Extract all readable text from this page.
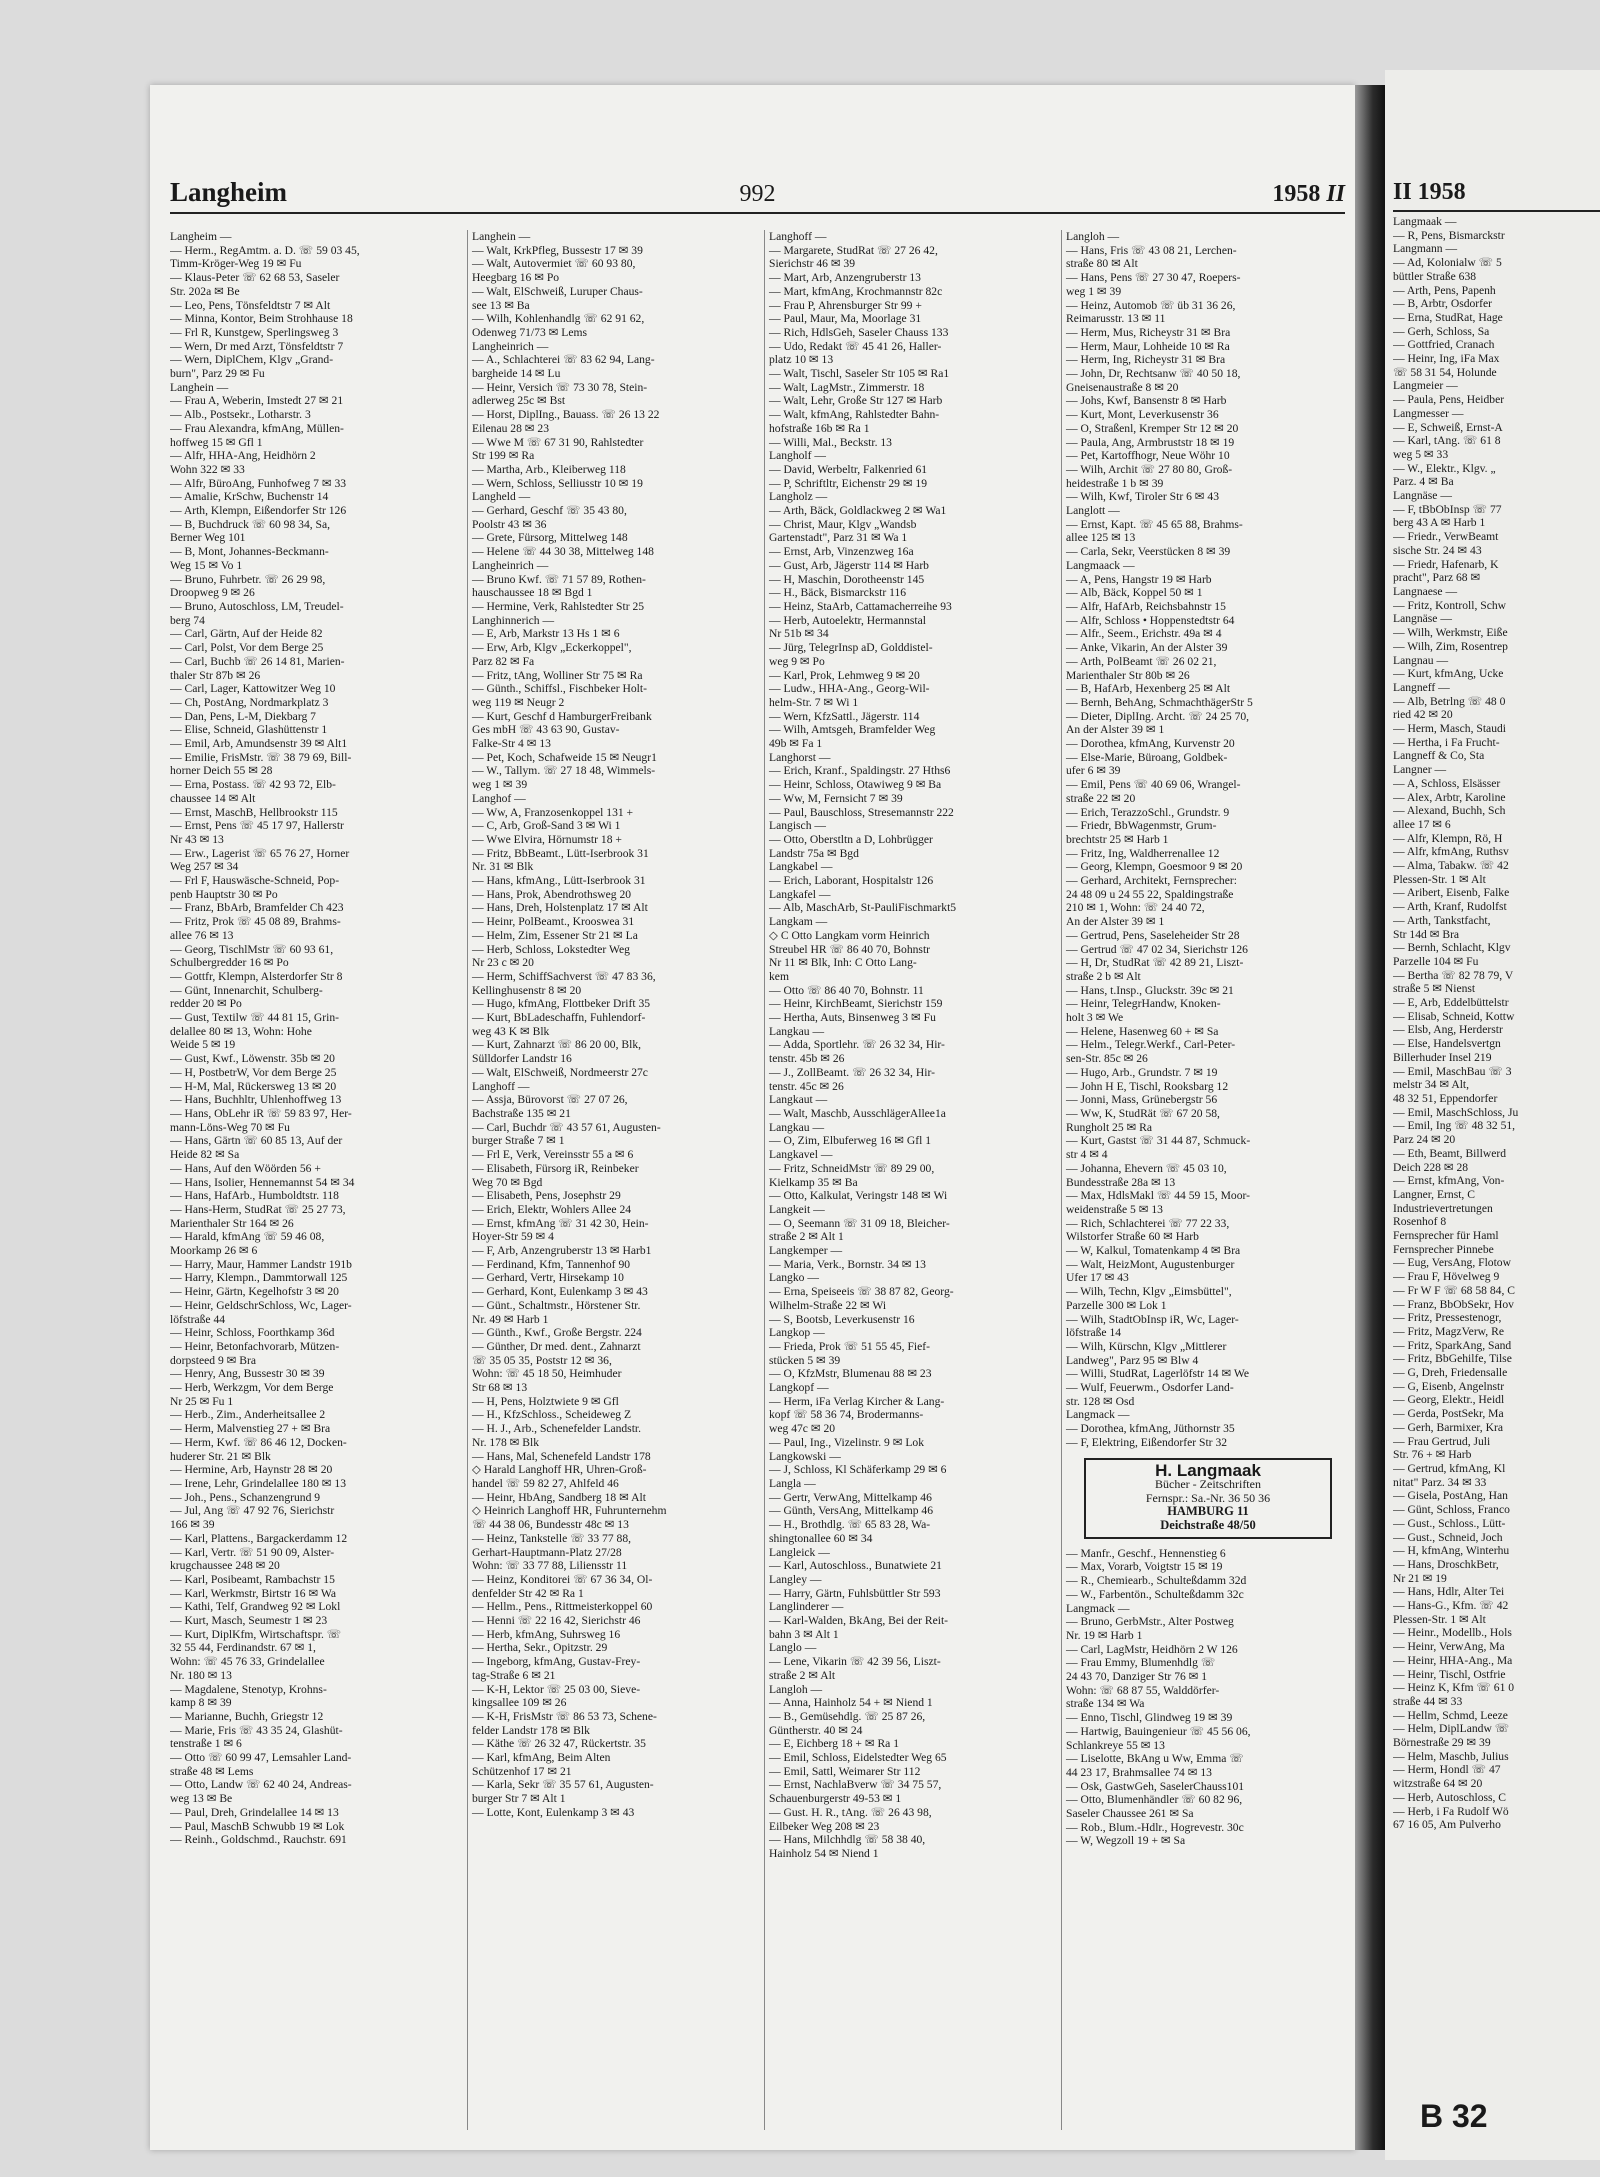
Langheim	992	1958 II
Langheim —
— Herm., RegAmtm. a. D. ☏ 59 03 45,
Timm-Kröger-Weg 19 ✉ Fu
— Klaus-Peter ☏ 62 68 53, Saseler
Str. 202a ✉ Be
— Leo, Pens, Tönsfeldtstr 7 ✉ Alt
— Minna, Kontor, Beim Strohhause 18
— Frl R, Kunstgew, Sperlingsweg 3
— Wern, Dr med Arzt, Tönsfeldtstr 7
— Wern, DiplChem, Klgv „Grand-
burn", Parz 29 ✉ Fu
Langhein —
— Frau A, Weberin, Imstedt 27 ✉ 21
— Alb., Postsekr., Lotharstr. 3
— Frau Alexandra, kfmAng, Müllen-
hoffweg 15 ✉ Gfl 1
— Alfr, HHA-Ang, Heidhörn 2
Wohn 322 ✉ 33
— Alfr, BüroAng, Funhofweg 7 ✉ 33
— Amalie, KrSchw, Buchenstr 14
— Arth, Klempn, Eißendorfer Str 126
— B, Buchdruck ☏ 60 98 34, Sa,
Berner Weg 101
— B, Mont, Johannes-Beckmann-
Weg 15 ✉ Vo 1
— Bruno, Fuhrbetr. ☏ 26 29 98,
Droopweg 9 ✉ 26
— Bruno, Autoschloss, LM, Treudel-
berg 74
— Carl, Gärtn, Auf der Heide 82
— Carl, Polst, Vor dem Berge 25
— Carl, Buchb ☏ 26 14 81, Marien-
thaler Str 87b ✉ 26
— Carl, Lager, Kattowitzer Weg 10
— Ch, PostAng, Nordmarkplatz 3
— Dan, Pens, L-M, Diekbarg 7
— Elise, Schneid, Glashüttenstr 1
— Emil, Arb, Amundsenstr 39 ✉ Alt1
— Emilie, FrisMstr. ☏ 38 79 69, Bill-
horner Deich 55 ✉ 28
— Erna, Postass. ☏ 42 93 72, Elb-
chaussee 14 ✉ Alt
— Ernst, MaschB, Hellbrookstr 115
— Ernst, Pens ☏ 45 17 97, Hallerstr
Nr 43 ✉ 13
— Erw., Lagerist ☏ 65 76 27, Horner
Weg 257 ✉ 34
— Frl F, Hauswäsche-Schneid, Pop-
penb Hauptstr 30 ✉ Po
— Franz, BbArb, Bramfelder Ch 423
— Fritz, Prok ☏ 45 08 89, Brahms-
allee 76 ✉ 13
— Georg, TischlMstr ☏ 60 93 61,
Schulbergredder 16 ✉ Po
— Gottfr, Klempn, Alsterdorfer Str 8
— Günt, Innenarchit, Schulberg-
redder 20 ✉ Po
— Gust, Textilw ☏ 44 81 15, Grin-
delallee 80 ✉ 13, Wohn: Hohe
Weide 5 ✉ 19
— Gust, Kwf., Löwenstr. 35b ✉ 20
— H, PostbetrW, Vor dem Berge 25
— H-M, Mal, Rückersweg 13 ✉ 20
— Hans, Buchhltr, Uhlenhoffweg 13
— Hans, ObLehr iR ☏ 59 83 97, Her-
mann-Löns-Weg 70 ✉ Fu
— Hans, Gärtn ☏ 60 85 13, Auf der
Heide 82 ✉ Sa
— Hans, Auf den Wöörden 56 +
— Hans, Isolier, Hennemannst 54 ✉ 34
— Hans, HafArb., Humboldtstr. 118
— Hans-Herm, StudRat ☏ 25 27 73,
Marienthaler Str 164 ✉ 26
— Harald, kfmAng ☏ 59 46 08,
Moorkamp 26 ✉ 6
— Harry, Maur, Hammer Landstr 191b
— Harry, Klempn., Dammtorwall 125
— Heinr, Gärtn, Kegelhofstr 3 ✉ 20
— Heinr, GeldschrSchloss, Wc, Lager-
löfstraße 44
— Heinr, Schloss, Foorthkamp 36d
— Heinr, Betonfachvorarb, Mützen-
dorpsteed 9 ✉ Bra
— Henry, Ang, Bussestr 30 ✉ 39
— Herb, Werkzgm, Vor dem Berge
Nr 25 ✉ Fu 1
— Herb., Zim., Anderheitsallee 2
— Herm, Malvenstieg 27 + ✉ Bra
— Herm, Kwf. ☏ 86 46 12, Docken-
huderer Str. 21 ✉ Blk
— Hermine, Arb, Haynstr 28 ✉ 20
— Irene, Lehr, Grindelallee 180 ✉ 13
— Joh., Pens., Schanzengrund 9
— Jul, Ang ☏ 47 92 76, Sierichstr
166 ✉ 39
— Karl, Plattens., Bargackerdamm 12
— Karl, Vertr. ☏ 51 90 09, Alster-
krugchaussee 248 ✉ 20
— Karl, Posibeamt, Rambachstr 15
— Karl, Werkmstr, Birtstr 16 ✉ Wa
— Kathi, Telf, Grandweg 92 ✉ Lokl
— Kurt, Masch, Seumestr 1 ✉ 23
— Kurt, DiplKfm, Wirtschaftspr. ☏
32 55 44, Ferdinandstr. 67 ✉ 1,
Wohn: ☏ 45 76 33, Grindelallee
Nr. 180 ✉ 13
— Magdalene, Stenotyp, Krohns-
kamp 8 ✉ 39
— Marianne, Buchh, Griegstr 12
— Marie, Fris ☏ 43 35 24, Glashüt-
tenstraße 1 ✉ 6
— Otto ☏ 60 99 47, Lemsahler Land-
straße 48 ✉ Lems
— Otto, Landw ☏ 62 40 24, Andreas-
weg 13 ✉ Be
— Paul, Dreh, Grindelallee 14 ✉ 13
— Paul, MaschB Schwubb 19 ✉ Lok
— Reinh., Goldschmd., Rauchstr. 691
Langhein —
— Walt, KrkPfleg, Bussestr 17 ✉ 39
— Walt, Autovermiet ☏ 60 93 80,
Heegbarg 16 ✉ Po
— Walt, ElSchweiß, Luruper Chaus-
see 13 ✉ Ba
— Wilh, Kohlenhandlg ☏ 62 91 62,
Odenweg 71/73 ✉ Lems
Langheinrich —
— A., Schlachterei ☏ 83 62 94, Lang-
bargheide 14 ✉ Lu
— Heinr, Versich ☏ 73 30 78, Stein-
adlerweg 25c ✉ Bst
— Horst, DiplIng., Bauass. ☏ 26 13 22
Eilenau 28 ✉ 23
— Wwe M ☏ 67 31 90, Rahlstedter
Str 199 ✉ Ra
— Martha, Arb., Kleiberweg 118
— Wern, Schloss, Selliusstr 10 ✉ 19
Langheld —
— Gerhard, Geschf ☏ 35 43 80,
Poolstr 43 ✉ 36
— Grete, Fürsorg, Mittelweg 148
— Helene ☏ 44 30 38, Mittelweg 148
Langheinrich —
— Bruno Kwf. ☏ 71 57 89, Rothen-
hauschaussee 18 ✉ Bgd 1
— Hermine, Verk, Rahlstedter Str 25
Langhinnerich —
— E, Arb, Markstr 13 Hs 1 ✉ 6
— Erw, Arb, Klgv „Eckerkoppel",
Parz 82 ✉ Fa
— Fritz, tAng, Wolliner Str 75 ✉ Ra
— Günth., Schiffsl., Fischbeker Holt-
weg 119 ✉ Neugr 2
— Kurt, Geschf d HamburgerFreibank
Ges mbH ☏ 43 63 90, Gustav-
Falke-Str 4 ✉ 13
— Pet, Koch, Schafweide 15 ✉ Neugr1
— W., Tallym. ☏ 27 18 48, Wimmels-
weg 1 ✉ 39
Langhof —
— Ww, A, Franzosenkoppel 131 +
— C, Arb, Groß-Sand 3 ✉ Wi 1
— Wwe Elvira, Hörnumstr 18 +
— Fritz, BbBeamt., Lütt-Iserbrook 31
Nr. 31 ✉ Blk
— Hans, kfmAng., Lütt-Iserbrook 31
— Hans, Prok, Abendrothsweg 20
— Hans, Dreh, Holstenplatz 17 ✉ Alt
— Heinr, PolBeamt., Krooswea 31
— Helm, Zim, Essener Str 21 ✉ La
— Herb, Schloss, Lokstedter Weg
Nr 23 c ✉ 20
— Herm, SchiffSachverst ☏ 47 83 36,
Kellinghusenstr 8 ✉ 20
— Hugo, kfmAng, Flottbeker Drift 35
— Kurt, BbLadeschaffn, Fuhlendorf-
weg 43 K ✉ Blk
— Kurt, Zahnarzt ☏ 86 20 00, Blk,
Sülldorfer Landstr 16
— Walt, ElSchweiß, Nordmeerstr 27c
Langhoff —
— Assja, Bürovorst ☏ 27 07 26,
Bachstraße 135 ✉ 21
— Carl, Buchdr ☏ 43 57 61, Augusten-
burger Straße 7 ✉ 1
— Frl E, Verk, Vereinsstr 55 a ✉ 6
— Elisabeth, Fürsorg iR, Reinbeker
Weg 70 ✉ Bgd
— Elisabeth, Pens, Josephstr 29
— Erich, Elektr, Wohlers Allee 24
— Ernst, kfmAng ☏ 31 42 30, Hein-
Hoyer-Str 59 ✉ 4
— F, Arb, Anzengruberstr 13 ✉ Harb1
— Ferdinand, Kfm, Tannenhof 90
— Gerhard, Vertr, Hirsekamp 10
— Gerhard, Kont, Eulenkamp 3 ✉ 43
— Günt., Schaltmstr., Hörstener Str.
Nr. 49 ✉ Harb 1
— Günth., Kwf., Große Bergstr. 224
— Günther, Dr med. dent., Zahnarzt
☏ 35 05 35, Poststr 12 ✉ 36,
Wohn: ☏ 45 18 50, Heimhuder
Str 68 ✉ 13
— H, Pens, Holztwiete 9 ✉ Gfl
— H., KfzSchloss., Scheideweg Z
— H. J., Arb., Schenefelder Landstr.
Nr. 178 ✉ Blk
— Hans, Mal, Schenefeld Landstr 178
◇ Harald Langhoff HR, Uhren-Groß-
handel ☏ 59 82 27, Ahlfeld 46
— Heinr, HbAng, Sandberg 18 ✉ Alt
◇ Heinrich Langhoff HR, Fuhrunternehm
☏ 44 38 06, Bundesstr 48c ✉ 13
— Heinz, Tankstelle ☏ 33 77 88,
Gerhart-Hauptmann-Platz 27/28
Wohn: ☏ 33 77 88, Liliensstr 11
— Heinz, Konditorei ☏ 67 36 34, Ol-
denfelder Str 42 ✉ Ra 1
— Hellm., Pens., Rittmeisterkoppel 60
— Henni ☏ 22 16 42, Sierichstr 46
— Herb, kfmAng, Suhrsweg 16
— Hertha, Sekr., Opitzstr. 29
— Ingeborg, kfmAng, Gustav-Frey-
tag-Straße 6 ✉ 21
— K-H, Lektor ☏ 25 03 00, Sieve-
kingsallee 109 ✉ 26
— K-H, FrisMstr ☏ 86 53 73, Schene-
felder Landstr 178 ✉ Blk
— Käthe ☏ 26 32 47, Rückertstr. 35
— Karl, kfmAng, Beim Alten
Schützenhof 17 ✉ 21
— Karla, Sekr ☏ 35 57 61, Augusten-
burger Str 7 ✉ Alt 1
— Lotte, Kont, Eulenkamp 3 ✉ 43
Langhoff —
— Margarete, StudRat ☏ 27 26 42,
Sierichstr 46 ✉ 39
— Mart, Arb, Anzengruberstr 13
— Mart, kfmAng, Krochmannstr 82c
— Frau P, Ahrensburger Str 99 +
— Paul, Maur, Ma, Moorlage 31
— Rich, HdlsGeh, Saseler Chauss 133
— Udo, Redakt ☏ 45 41 26, Haller-
platz 10 ✉ 13
— Walt, Tischl, Saseler Str 105 ✉ Ra1
— Walt, LagMstr., Zimmerstr. 18
— Walt, Lehr, Große Str 127 ✉ Harb
— Walt, kfmAng, Rahlstedter Bahn-
hofstraße 16b ✉ Ra 1
— Willi, Mal., Beckstr. 13
Langholf —
— David, Werbeltr, Falkenried 61
— P, Schriftltr, Eichenstr 29 ✉ 19
Langholz —
— Arth, Bäck, Goldlackweg 2 ✉ Wa1
— Christ, Maur, Klgv „Wandsb
Gartenstadt", Parz 31 ✉ Wa 1
— Ernst, Arb, Vinzenzweg 16a
— Gust, Arb, Jägerstr 114 ✉ Harb
— H, Maschin, Dorotheenstr 145
— H., Bäck, Bismarckstr 116
— Heinz, StaArb, Cattamacherreihe 93
— Herb, Autoelektr, Hermannstal
Nr 51b ✉ 34
— Jürg, TelegrInsp aD, Golddistel-
weg 9 ✉ Po
— Karl, Prok, Lehmweg 9 ✉ 20
— Ludw., HHA-Ang., Georg-Wil-
helm-Str. 7 ✉ Wi 1
— Wern, KfzSattl., Jägerstr. 114
— Wilh, Amtsgeh, Bramfelder Weg
49b ✉ Fa 1
Langhorst —
— Erich, Kranf., Spaldingstr. 27 Hths6
— Heinr, Schloss, Otawiweg 9 ✉ Ba
— Ww, M, Fernsicht 7 ✉ 39
— Paul, Bauschloss, Stresemannstr 222
Langisch —
— Otto, Oberstltn a D, Lohbrügger
Landstr 75a ✉ Bgd
Langkabel —
— Erich, Laborant, Hospitalstr 126
Langkafel —
— Alb, MaschArb, St-PauliFischmarkt5
Langkam —
◇ C Otto Langkam vorm Heinrich
Streubel HR ☏ 86 40 70, Bohnstr
Nr 11 ✉ Blk, Inh: C Otto Lang-
kem
— Otto ☏ 86 40 70, Bohnstr. 11
— Heinr, KirchBeamt, Sierichstr 159
— Hertha, Auts, Binsenweg 3 ✉ Fu
Langkau —
— Adda, Sportlehr. ☏ 26 32 34, Hir-
tenstr. 45b ✉ 26
— J., ZollBeamt. ☏ 26 32 34, Hir-
tenstr. 45c ✉ 26
Langkaut —
— Walt, Maschb, AusschlägerAllee1a
Langkau —
— O, Zim, Elbuferweg 16 ✉ Gfl 1
Langkavel —
— Fritz, SchneidMstr ☏ 89 29 00,
Kielkamp 35 ✉ Ba
— Otto, Kalkulat, Veringstr 148 ✉ Wi
Langkeit —
— O, Seemann ☏ 31 09 18, Bleicher-
straße 2 ✉ Alt 1
Langkemper —
— Maria, Verk., Bornstr. 34 ✉ 13
Langko —
— Erna, Speiseeis ☏ 38 87 82, Georg-
Wilhelm-Straße 22 ✉ Wi
— S, Bootsb, Leverkusenstr 16
Langkop —
— Frieda, Prok ☏ 51 55 45, Fief-
stücken 5 ✉ 39
— O, KfzMstr, Blumenau 88 ✉ 23
Langkopf —
— Herm, iFa Verlag Kircher & Lang-
kopf ☏ 58 36 74, Brodermanns-
weg 47c ✉ 20
— Paul, Ing., Vizelinstr. 9 ✉ Lok
Langkowski —
— J, Schloss, Kl Schäferkamp 29 ✉ 6
Langla —
— Gertr, VerwAng, Mittelkamp 46
— Günth, VersAng, Mittelkamp 46
— H., Brothdlg. ☏ 65 83 28, Wa-
shingtonallee 60 ✉ 34
Langleick —
— Karl, Autoschloss., Bunatwiete 21
Langley —
— Harry, Gärtn, Fuhlsbüttler Str 593
Langlinderer —
— Karl-Walden, BkAng, Bei der Reit-
bahn 3 ✉ Alt 1
Langlo —
— Lene, Vikarin ☏ 42 39 56, Liszt-
straße 2 ✉ Alt
Langloh —
— Anna, Hainholz 54 + ✉ Niend 1
— B., Gemüsehdlg. ☏ 25 87 26,
Güntherstr. 40 ✉ 24
— E, Eichberg 18 + ✉ Ra 1
— Emil, Schloss, Eidelstedter Weg 65
— Emil, Sattl, Weimarer Str 112
— Ernst, NachlaBverw ☏ 34 75 57,
Schauenburgerstr 49-53 ✉ 1
— Gust. H. R., tAng. ☏ 26 43 98,
Eilbeker Weg 208 ✉ 23
— Hans, Milchhdlg ☏ 58 38 40,
Hainholz 54 ✉ Niend 1
Langloh —
— Hans, Fris ☏ 43 08 21, Lerchen-
straße 80 ✉ Alt
— Hans, Pens ☏ 27 30 47, Roepers-
weg 1 ✉ 39
— Heinz, Automob ☏ üb 31 36 26,
Reimarusstr. 13 ✉ 11
— Herm, Mus, Richeystr 31 ✉ Bra
— Herm, Maur, Lohheide 10 ✉ Ra
— Herm, Ing, Richeystr 31 ✉ Bra
— John, Dr, Rechtsanw ☏ 40 50 18,
Gneisenaustraße 8 ✉ 20
— Johs, Kwf, Bansenstr 8 ✉ Harb
— Kurt, Mont, Leverkusenstr 36
— O, Straßenl, Kremper Str 12 ✉ 20
— Paula, Ang, Armbruststr 18 ✉ 19
— Pet, Kartoffhogr, Neue Wöhr 10
— Wilh, Archit ☏ 27 80 80, Groß-
heidestraße 1 b ✉ 39
— Wilh, Kwf, Tiroler Str 6 ✉ 43
Langlott —
— Ernst, Kapt. ☏ 45 65 88, Brahms-
allee 125 ✉ 13
— Carla, Sekr, Veerstücken 8 ✉ 39
Langmaack —
— A, Pens, Hangstr 19 ✉ Harb
— Alb, Bäck, Koppel 50 ✉ 1
— Alfr, HafArb, Reichsbahnstr 15
— Alfr, Schloss • Hoppenstedtstr 64
— Alfr., Seem., Erichstr. 49a ✉ 4
— Anke, Vikarin, An der Alster 39
— Arth, PolBeamt ☏ 26 02 21,
Marienthaler Str 80b ✉ 26
— B, HafArb, Hexenberg 25 ✉ Alt
— Bernh, BehAng, SchmachthägerStr 5
— Dieter, DiplIng. Archt. ☏ 24 25 70,
An der Alster 39 ✉ 1
— Dorothea, kfmAng, Kurvenstr 20
— Else-Marie, Büroang, Goldbek-
ufer 6 ✉ 39
— Emil, Pens ☏ 40 69 06, Wrangel-
straße 22 ✉ 20
— Erich, TerazzoSchl., Grundstr. 9
— Friedr, BbWagenmstr, Grum-
brechtstr 25 ✉ Harb 1
— Fritz, Ing, Waldherrenallee 12
— Georg, Klempn, Goesmoor 9 ✉ 20
— Gerhard, Architekt, Fernsprecher:
24 48 09 u 24 55 22, Spaldingstraße
210 ✉ 1, Wohn: ☏ 24 40 72,
An der Alster 39 ✉ 1
— Gertrud, Pens, Saseleheider Str 28
— Gertrud ☏ 47 02 34, Sierichstr 126
— H, Dr, StudRat ☏ 42 89 21, Liszt-
straße 2 b ✉ Alt
— Hans, t.Insp., Gluckstr. 39c ✉ 21
— Heinr, TelegrHandw, Knoken-
holt 3 ✉ We
— Helene, Hasenweg 60 + ✉ Sa
— Helm., Telegr.Werkf., Carl-Peter-
sen-Str. 85c ✉ 26
— Hugo, Arb., Grundstr. 7 ✉ 19
— John H E, Tischl, Rooksbarg 12
— Jonni, Mass, Grünebergstr 56
— Ww, K, StudRät ☏ 67 20 58,
Rungholt 25 ✉ Ra
— Kurt, Gastst ☏ 31 44 87, Schmuck-
str 4 ✉ 4
— Johanna, Ehevern ☏ 45 03 10,
Bundesstraße 28a ✉ 13
— Max, HdlsMakl ☏ 44 59 15, Moor-
weidenstraße 5 ✉ 13
— Rich, Schlachterei ☏ 77 22 33,
Wilstorfer Straße 60 ✉ Harb
— W, Kalkul, Tomatenkamp 4 ✉ Bra
— Walt, HeizMont, Augustenburger
Ufer 17 ✉ 43
— Wilh, Techn, Klgv „Eimsbüttel",
Parzelle 300 ✉ Lok 1
— Wilh, StadtObInsp iR, Wc, Lager-
löfstraße 14
— Wilh, Kürschn, Klgv „Mittlerer
Landweg", Parz 95 ✉ Blw 4
— Willi, StudRat, Lagerlöfstr 14 ✉ We
— Wulf, Feuerwm., Osdorfer Land-
str. 128 ✉ Osd
Langmack —
— Dorothea, kfmAng, Jüthornstr 35
— F, Elektring, Eißendorfer Str 32
H. Langmaak
Bücher - Zeitschriften
Fernspr.: Sa.-Nr. 36 50 36
HAMBURG 11
Deichstraße 48/50
— Manfr., Geschf., Hennenstieg 6
— Max, Vorarb, Voigtstr 15 ✉ 19
— R., Chemiearb., Schulteßdamm 32d
— W., Farbentön., Schulteßdamm 32c
Langmack —
— Bruno, GerbMstr., Alter Postweg
Nr. 19 ✉ Harb 1
— Carl, LagMstr, Heidhörn 2 W 126
— Frau Emmy, Blumenhdlg ☏
24 43 70, Danziger Str 76 ✉ 1
Wohn: ☏ 68 87 55, Walddörfer-
straße 134 ✉ Wa
— Enno, Tischl, Glindweg 19 ✉ 39
— Hartwig, Bauingenieur ☏ 45 56 06,
Schlankreye 55 ✉ 13
— Liselotte, BkAng u Ww, Emma ☏
44 23 17, Brahmsallee 74 ✉ 13
— Osk, GastwGeh, SaselerChauss101
— Otto, Blumenhändler ☏ 60 82 96,
Saseler Chaussee 261 ✉ Sa
— Rob., Blum.-Hdlr., Hogrevestr. 30c
— W, Wegzoll 19 + ✉ Sa
II 1958
Langmaak —
— R, Pens, Bismarckstr
Langmann —
— Ad, Kolonialw ☏ 5
büttler Straße 638
— Arth, Pens, Papenh
— B, Arbtr, Osdorfer
— Erna, StudRat, Hage
— Gerh, Schloss, Sa
— Gottfried, Cranach
— Heinr, Ing, iFa Max
☏ 58 31 54, Holunde
Langmeier —
— Paula, Pens, Heidber
Langmesser —
— E, Schweiß, Ernst-A
— Karl, tAng. ☏ 61 8
weg 5 ✉ 33
— W., Elektr., Klgv. „
Parz. 4 ✉ Ba
Langnäse —
— F, tBbObInsp ☏ 77
berg 43 A ✉ Harb 1
— Friedr., VerwBeamt
sische Str. 24 ✉ 43
— Friedr, Hafenarb, K
pracht", Parz 68 ✉
Langnaese —
— Fritz, Kontroll, Schw
Langnäse —
— Wilh, Werkmstr, Eiße
— Wilh, Zim, Rosentrep
Langnau —
— Kurt, kfmAng, Ucke
Langneff —
— Alb, Betrlng ☏ 48 0
ried 42 ✉ 20
— Herm, Masch, Staudi
— Hertha, i Fa Frucht-
Langneff & Co, Sta
Langner —
— A, Schloss, Elsässer
— Alex, Arbtr, Karoline
— Alexand, Buchh, Sch
allee 17 ✉ 6
— Alfr, Klempn, Rö, H
— Alfr, kfmAng, Ruthsv
— Alma, Tabakw. ☏ 42
Plessen-Str. 1 ✉ Alt
— Aribert, Eisenb, Falke
— Arth, Kranf, Rudolfst
— Arth, Tankstfacht,
Str 14d ✉ Bra
— Bernh, Schlacht, Klgv
Parzelle 104 ✉ Fu
— Bertha ☏ 82 78 79, V
straße 5 ✉ Nienst
— E, Arb, Eddelbüttelstr
— Elisab, Schneid, Kottw
— Elsb, Ang, Herderstr
— Else, Handelsvertgn
Billerhuder Insel 219
— Emil, MaschBau ☏ 3
melstr 34 ✉ Alt,
48 32 51, Eppendorfer
— Emil, MaschSchloss, Ju
— Emil, Ing ☏ 48 32 51,
Parz 24 ✉ 20
— Eth, Beamt, Billwerd
Deich 228 ✉ 28
— Ernst, kfmAng, Von-
Langner, Ernst, C
Industrievertretungen
Rosenhof 8
Fernsprecher für Haml
Fernsprecher Pinnebe
— Eug, VersAng, Flotow
— Frau F, Hövelweg 9
— Fr W F ☏ 68 58 84, C
— Franz, BbObSekr, Hov
— Fritz, Pressestenogr,
— Fritz, MagzVerw, Re
— Fritz, SparkAng, Sand
— Fritz, BbGehilfe, Tilse
— G, Dreh, Friedensalle
— G, Eisenb, Angelnstr
— Georg, Elektr., Heidl
— Gerda, PostSekr, Ma
— Gerh, Barmixer, Kra
— Frau Gertrud, Juli
Str. 76 + ✉ Harb
— Gertrud, kfmAng, Kl
nitat" Parz. 34 ✉ 33
— Gisela, PostAng, Han
— Günt, Schloss, Franco
— Gust., Schloss., Lütt-
— Gust., Schneid, Joch
— H, kfmAng, Winterhu
— Hans, DroschkBetr,
Nr 21 ✉ 19
— Hans, Hdlr, Alter Tei
— Hans-G., Kfm. ☏ 42
Plessen-Str. 1 ✉ Alt
— Heinr., Modellb., Hols
— Heinr, VerwAng, Ma
— Heinr, HHA-Ang., Ma
— Heinr, Tischl, Ostfrie
— Heinz K, Kfm ☏ 61 0
straße 44 ✉ 33
— Hellm, Schmd, Leeze
— Helm, DiplLandw ☏
Börnestraße 29 ✉ 39
— Helm, Maschb, Julius
— Herm, Hondl ☏ 47
witzstraße 64 ✉ 20
— Herb, Autoschloss, C
— Herb, i Fa Rudolf Wö
67 16 05, Am Pulverho
B 32
